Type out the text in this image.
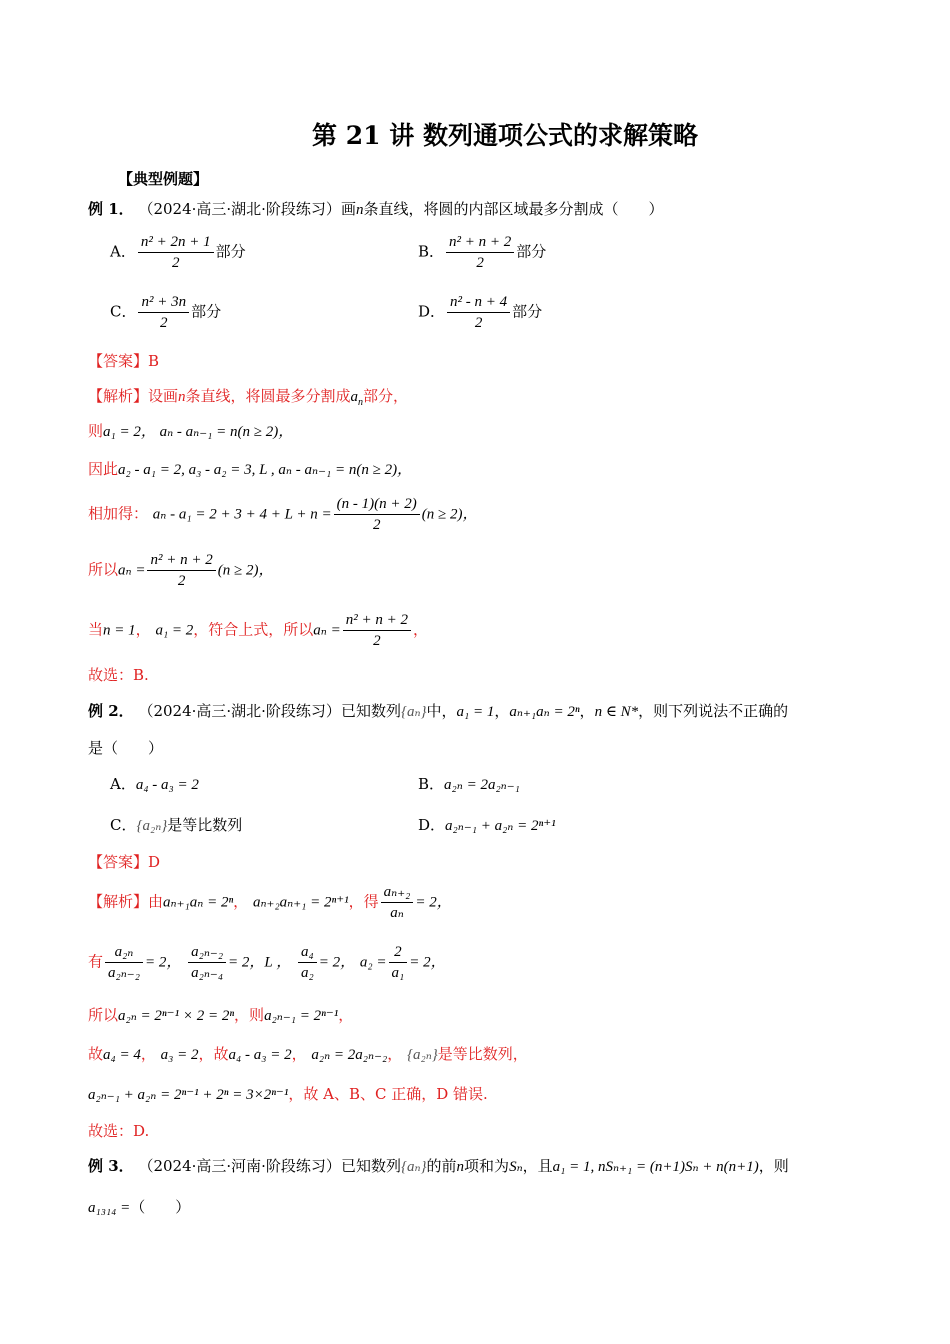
第 21 讲 数列通项公式的求解策略
【典型例题】
例 1． （2024·高三·湖北·阶段练习）画n条直线，将圆的内部区域最多分割成（　　）
A． $\frac{\text{n² + 2n + 1}}{2}$ 部分	B． $\frac{\text{n² + n + 2}}{2}$ 部分
C． $\frac{\text{n² + 3n}}{2}$ 部分	D． $\frac{\text{n² - n + 4}}{2}$ 部分
【答案】B
【解析】设画n条直线，将圆最多分割成$a_n$部分，
则a₁ = 2， aₙ - aₙ₋₁ = n(n ≥ 2)，
因此a₂ - a₁ = 2, a₃ - a₂ = 3, L , aₙ - aₙ₋₁ = n(n ≥ 2)，
相加得： $a_n - a_1 = 2 + 3 + 4 + L + n = \frac{(n - 1)(n + 2)}{2} (n \ge 2)$，
所以$a_n = \frac{\text{n² + n + 2}}{2} (n \ge 2)$，
当n = 1， a₁ = 2，符合上式，所以$a_n = \frac{\text{n² + n + 2}}{2}$ ，
故选：B.
例 2． （2024·高三·湖北·阶段练习）已知数列{aₙ}中，a₁ = 1，aₙ₊₁aₙ = 2ⁿ，n ∈ N*，则下列说法不正确的
是（　　）
A．a₄ - a₃ = 2	B．a₂ₙ = 2a₂ₙ₋₁
C．{a₂ₙ}是等比数列	D．a₂ₙ₋₁ + a₂ₙ = 2ⁿ⁺¹
【答案】D
【解析】由aₙ₊₁aₙ = 2ⁿ， aₙ₊₂aₙ₊₁ = 2ⁿ⁺¹，得 $\frac{\text{aₙ₊₂}}{\text{aₙ}} = 2$，
有 $\frac{\text{a₂ₙ}}{\text{a₂ₙ₋₂}} = 2$， $\frac{\text{a₂ₙ₋₂}}{\text{a₂ₙ₋₄}} = 2$，L ， $\frac{\text{a₄}}{\text{a₂}} = 2$， $a_2 = \frac{2}{\text{a₁}} = 2$，
所以a₂ₙ = 2ⁿ⁻¹ × 2 = 2ⁿ，则a₂ₙ₋₁ = 2ⁿ⁻¹，
故a₄ = 4， a₃ = 2，故a₄ - a₃ = 2， a₂ₙ = 2a₂ₙ₋₂， {a₂ₙ}是等比数列，
a₂ₙ₋₁ + a₂ₙ = 2ⁿ⁻¹ + 2ⁿ = 3×2ⁿ⁻¹，故 A、B、C 正确，D 错误.
故选：D.
例 3． （2024·高三·河南·阶段练习）已知数列{aₙ}的前n项和为Sₙ，且a₁ = 1, nSₙ₊₁ = (n+1)Sₙ + n(n+1)，则
a₁₃₁₄ =（　　）
